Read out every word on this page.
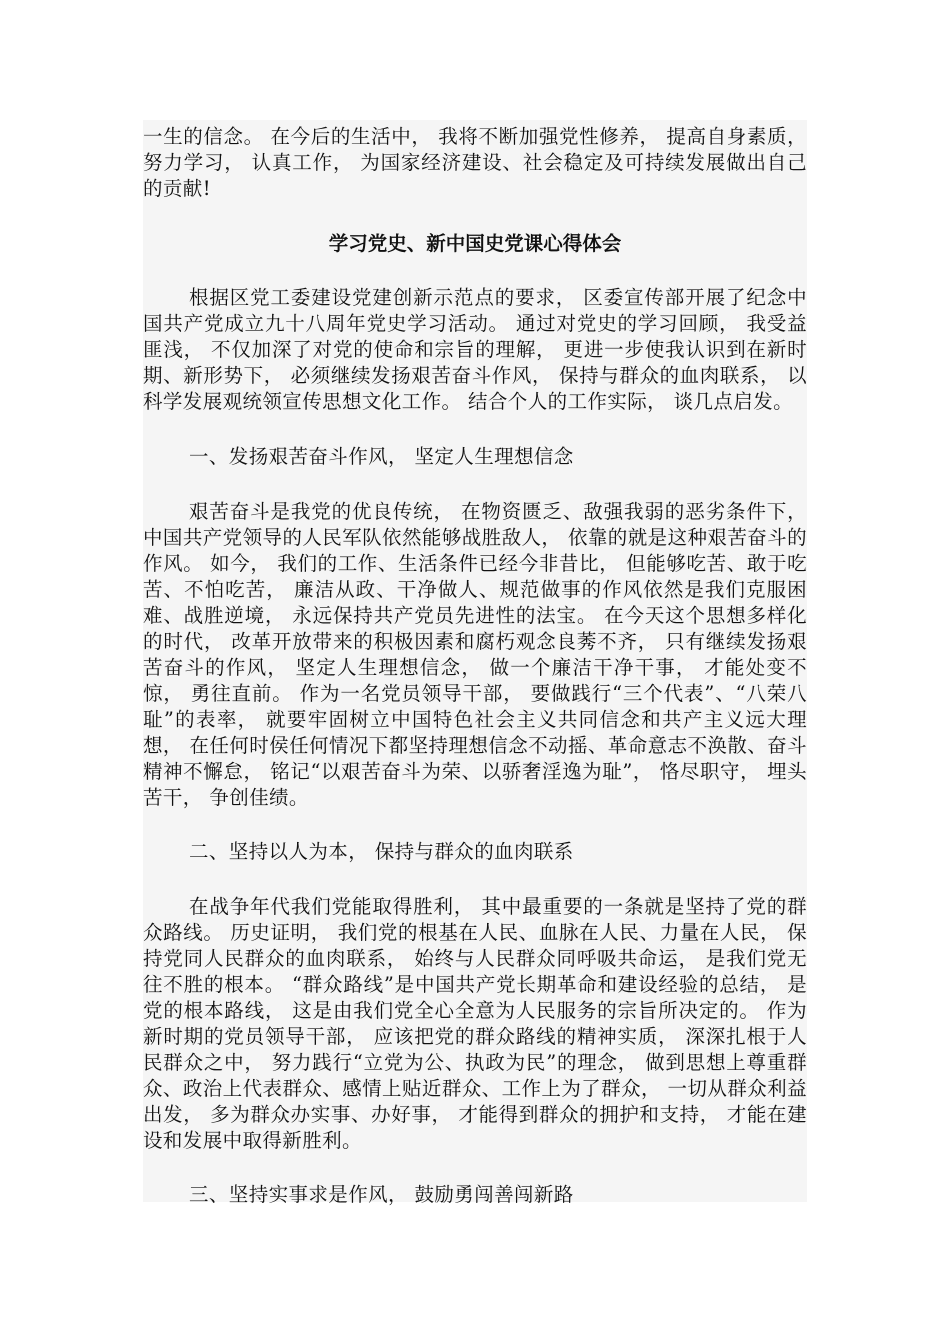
一生的信念。 在今后的生活中， 我将不断加强党性修养， 提高自身素质， 努力学习， 认真工作， 为国家经济建设、社会稳定及可持续发展做出自己的贡献!

学习党史、新中国史党课心得体会

根据区党工委建设党建创新示范点的要求， 区委宣传部开展了纪念中国共产党成立九十八周年党史学习活动。 通过对党史的学习回顾， 我受益匪浅， 不仅加深了对党的使命和宗旨的理解， 更进一步使我认识到在新时期、新形势下， 必须继续发扬艰苦奋斗作风， 保持与群众的血肉联系， 以科学发展观统领宣传思想文化工作。 结合个人的工作实际， 谈几点启发。

一、发扬艰苦奋斗作风， 坚定人生理想信念

艰苦奋斗是我党的优良传统， 在物资匮乏、敌强我弱的恶劣条件下， 中国共产党领导的人民军队依然能够战胜敌人， 依靠的就是这种艰苦奋斗的作风。 如今， 我们的工作、生活条件已经今非昔比， 但能够吃苦、敢于吃苦、不怕吃苦， 廉洁从政、干净做人、规范做事的作风依然是我们克服困难、战胜逆境， 永远保持共产党员先进性的法宝。 在今天这个思想多样化的时代， 改革开放带来的积极因素和腐朽观念良莠不齐， 只有继续发扬艰苦奋斗的作风， 坚定人生理想信念， 做一个廉洁干净干事， 才能处变不惊， 勇往直前。 作为一名党员领导干部， 要做践行“三个代表”、“八荣八耻”的表率， 就要牢固树立中国特色社会主义共同信念和共产主义远大理想， 在任何时侯任何情况下都坚持理想信念不动摇、革命意志不涣散、奋斗精神不懈怠， 铭记“以艰苦奋斗为荣、以骄奢淫逸为耻”， 恪尽职守， 埋头苦干， 争创佳绩。

二、坚持以人为本， 保持与群众的血肉联系

在战争年代我们党能取得胜利， 其中最重要的一条就是坚持了党的群众路线。 历史证明， 我们党的根基在人民、血脉在人民、力量在人民， 保持党同人民群众的血肉联系， 始终与人民群众同呼吸共命运， 是我们党无往不胜的根本。 “群众路线”是中国共产党长期革命和建设经验的总结， 是党的根本路线， 这是由我们党全心全意为人民服务的宗旨所决定的。 作为新时期的党员领导干部， 应该把党的群众路线的精神实质， 深深扎根于人民群众之中， 努力践行“立党为公、执政为民”的理念， 做到思想上尊重群众、政治上代表群众、感情上贴近群众、工作上为了群众， 一切从群众利益出发， 多为群众办实事、办好事， 才能得到群众的拥护和支持， 才能在建设和发展中取得新胜利。

三、坚持实事求是作风， 鼓励勇闯善闯新路
